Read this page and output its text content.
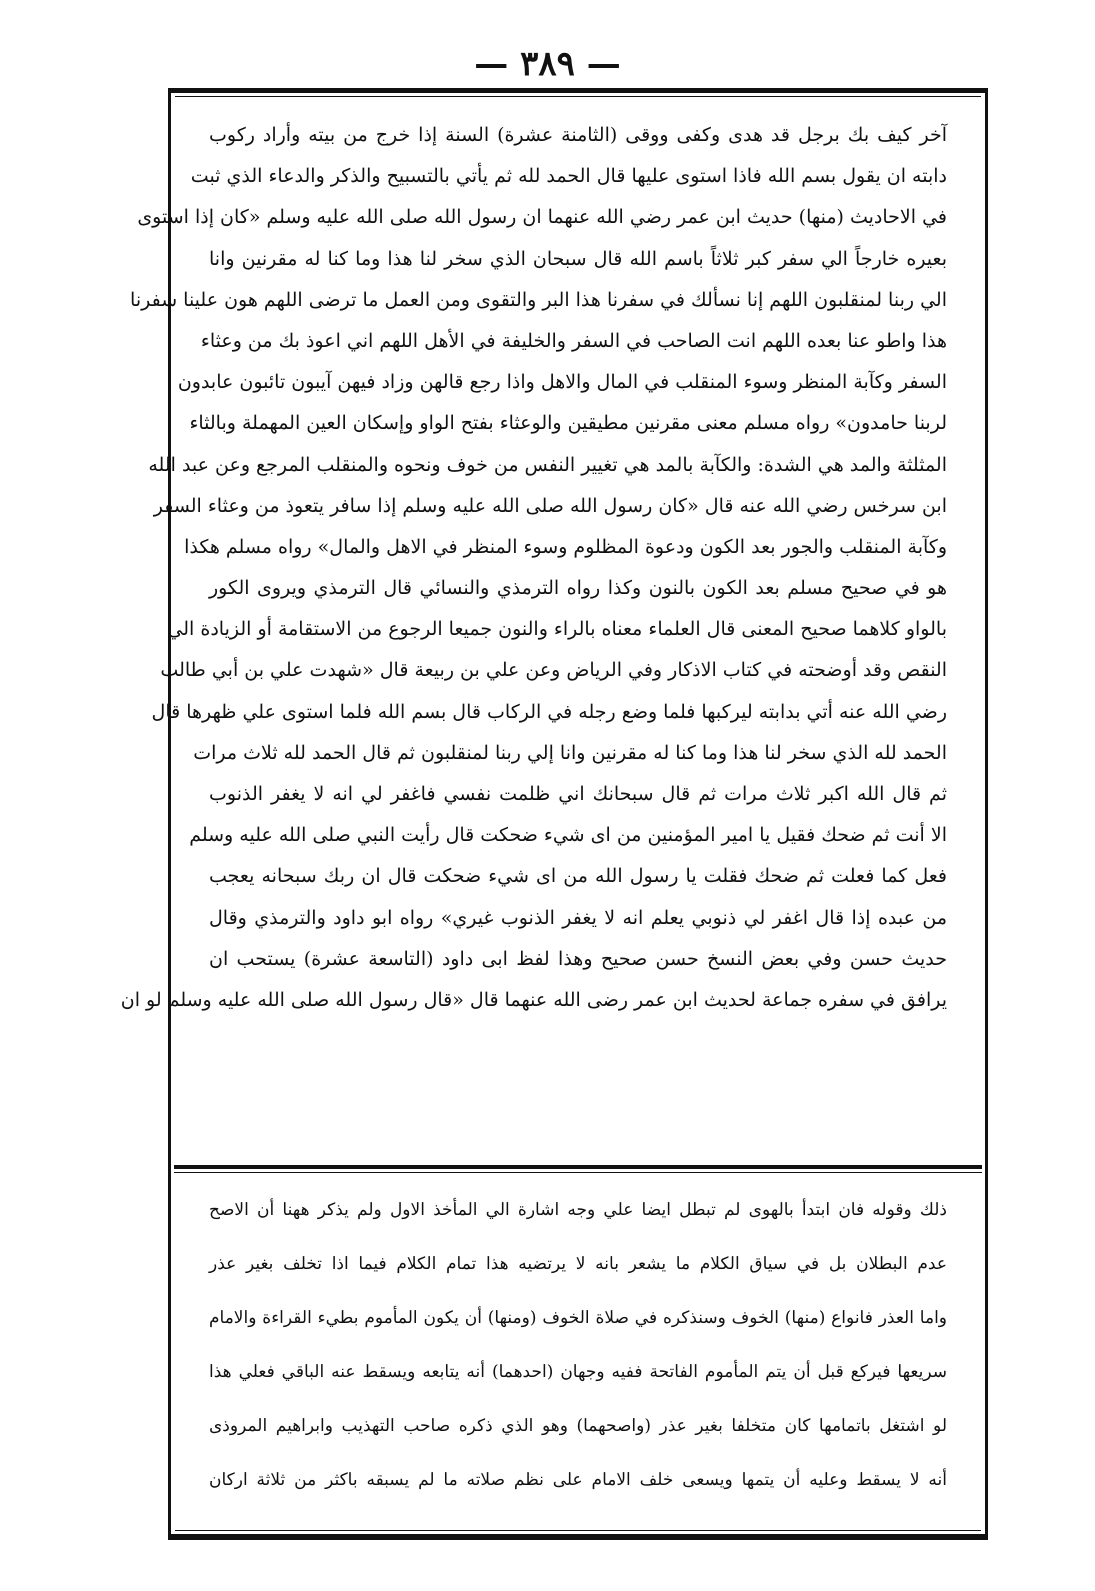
— ٣٨٩ —
آخر كيف بك برجل قد هدى وكفى ووقى (الثامنة عشرة) السنة إذا خرج من بيته وأراد ركوب
دابته ان يقول بسم الله فاذا استوى عليها قال الحمد لله ثم يأتي بالتسبيح والذكر والدعاء الذي ثبت
في الاحاديث (منها) حديث ابن عمر رضي الله عنهما ان رسول الله صلى الله عليه وسلم «كان إذا استوى
بعيره خارجاً الي سفر كبر ثلاثاً باسم الله قال سبحان الذي سخر لنا هذا وما كنا له مقرنين وانا
الي ربنا لمنقلبون اللهم إنا نسألك في سفرنا هذا البر والتقوى ومن العمل ما ترضى اللهم هون علينا سفرنا
هذا واطو عنا بعده اللهم انت الصاحب في السفر والخليفة في الأهل اللهم اني اعوذ بك من وعثاء
السفر وكآبة المنظر وسوء المنقلب في المال والاهل واذا رجع قالهن وزاد فيهن آيبون تائبون عابدون
لربنا حامدون» رواه مسلم معنى مقرنين مطيقين والوعثاء بفتح الواو وإسكان العين المهملة وبالثاء
المثلثة والمد هي الشدة: والكآبة بالمد هي تغيير النفس من خوف ونحوه والمنقلب المرجع وعن عبد الله
ابن سرخس رضي الله عنه قال «كان رسول الله صلى الله عليه وسلم إذا سافر يتعوذ من وعثاء السفر
وكآبة المنقلب والجور بعد الكون ودعوة المظلوم وسوء المنظر في الاهل والمال» رواه مسلم هكذا
هو في صحيح مسلم بعد الكون بالنون وكذا رواه الترمذي والنسائي قال الترمذي ويروى الكور
بالواو كلاهما صحيح المعنى قال العلماء معناه بالراء والنون جميعا الرجوع من الاستقامة أو الزيادة الي
النقص وقد أوضحته في كتاب الاذكار وفي الرياض وعن علي بن ربيعة قال «شهدت علي بن أبي طالب
رضي الله عنه أتي بدابته ليركبها فلما وضع رجله في الركاب قال بسم الله فلما استوى علي ظهرها قال
الحمد لله الذي سخر لنا هذا وما كنا له مقرنين وانا إلي ربنا لمنقلبون ثم قال الحمد لله ثلاث مرات
ثم قال الله اكبر ثلاث مرات ثم قال سبحانك اني ظلمت نفسي فاغفر لي انه لا يغفر الذنوب
الا أنت ثم ضحك فقيل يا امير المؤمنين من اى شيء ضحكت قال رأيت النبي صلى الله عليه وسلم
فعل كما فعلت ثم ضحك فقلت يا رسول الله من اى شيء ضحكت قال ان ربك سبحانه يعجب
من عبده إذا قال اغفر لي ذنوبي يعلم انه لا يغفر الذنوب غيري» رواه ابو داود والترمذي وقال
حديث حسن وفي بعض النسخ حسن صحيح وهذا لفظ ابى داود (التاسعة عشرة) يستحب ان
يرافق في سفره جماعة لحديث ابن عمر رضى الله عنهما قال «قال رسول الله صلى الله عليه وسلم لو ان
ذلك وقوله فان ابتدأ بالهوى لم تبطل ايضا علي وجه اشارة الي المأخذ الاول ولم يذكر ههنا أن الاصح
عدم البطلان بل في سياق الكلام ما يشعر بانه لا يرتضيه هذا تمام الكلام فيما اذا تخلف بغير عذر
واما العذر فانواع (منها) الخوف وسنذكره في صلاة الخوف (ومنها) أن يكون المأموم بطيء القراءة والامام
سريعها فيركع قبل أن يتم المأموم الفاتحة ففيه وجهان (احدهما) أنه يتابعه ويسقط عنه الباقي فعلي هذا
لو اشتغل باتمامها كان متخلفا بغير عذر (واصحهما) وهو الذي ذكره صاحب التهذيب وابراهيم المروذى
أنه لا يسقط وعليه أن يتمها ويسعى خلف الامام على نظم صلاته ما لم يسبقه باكثر من ثلاثة اركان
